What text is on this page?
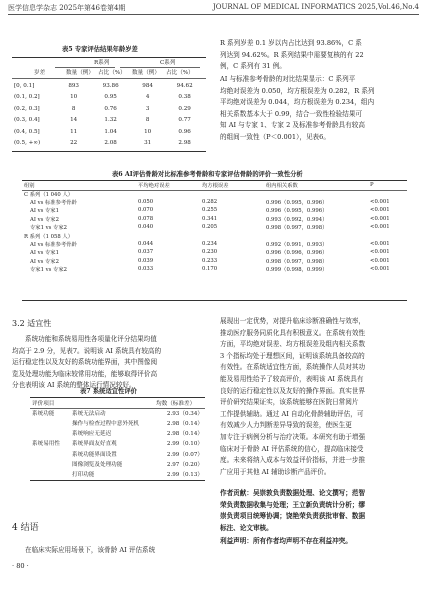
医学信息学杂志 2025年第46卷第4期	JOURNAL OF MEDICAL INFORMATICS 2025,Vol.46,No.4
表5 专家评估结果年龄岁差
岁差
R系列	C系列
数量（例） 占比（%） 数量（例） 占比（%）
[0, 0.1]	893	93.86	984	94.62
(0.1, 0.2]	10	0.95	4	0.38
(0.2, 0.3]	8	0.76	3	0.29
(0.3, 0.4]	14	1.32	8	0.77
(0.4, 0.5]	11	1.04	10	0.96
(0.5, +∞)	22	2.08	31	2.98
R 系列岁差 0.1 岁以内占比达到 93.86%，C 系
列达到 94.62%。R 系列结果中需要复核的有 22
例，C 系列有 31 例。
AI 与标准参考骨龄的对比结果显示：C 系列平
均绝对误差为 0.050，均方根误差为 0.282，R 系列
平均绝对误差为 0.044，均方根误差为 0.234，组内
相关系数基本大于 0.99，结合一致性检验结果可
知 AI 与专家 1、专家 2 及标准参考骨龄具有较高
的组间一致性（P＜0.001），见表6。
表6 AI评估骨龄对比标准参考骨龄和专家评估骨龄的评价一致性分析
组别	平均绝对误差	均方根误差	组内相关系数	P
C 系列（1 040 人）				
AI vs 标准参考骨龄	0.050	0.282	0.996（0.995，0.996）	<0.001
AI vs 专家1	0.070	0.255	0.996（0.995，0.996）	<0.001
AI vs 专家2	0.078	0.341	0.993（0.992，0.994）	<0.001
专家1 vs 专家2	0.040	0.205	0.998（0.997，0.998）	<0.001
R 系列（1 058 人）				
AI vs 标准参考骨龄	0.044	0.234	0.992（0.991，0.993）	<0.001
AI vs 专家1	0.037	0.230	0.996（0.996，0.996）	<0.001
AI vs 专家2	0.039	0.233	0.998（0.997，0.998）	<0.001
专家1 vs 专家2	0.033	0.170	0.999（0.998，0.999）	<0.001
3.2 适宜性
系统功能和系统易用性各项量化评分结果均值
均高于 2.9 分，见表7。说明该 AI 系统具有较高的
运行稳定性以及友好的系统功能界面，其中图像阅
览及处理功能为临床较常用功能，能够取得评价高
分也表明该 AI 系统的整体运行情况较好。
表7 系统适宜性评价
评价项目		均数（标准差）
系统功能	系统无法启动	2.93（0.34）
	操作与检查过程中意外死机	2.98（0.14）
	系统响应无延迟	2.98（0.14）
系统易用性	系统界面友好直观	2.99（0.10）
	系统功能界面设置	2.99（0.07）
	图像浏览及处理功能	2.97（0.20）
	打印功能	2.99（0.13）
4 结语
在临床实际应用场景下，该骨龄 AI 评估系统
· 80 ·
展现出一定优势，对提升临床诊断准确性与效率，
推动医疗服务同质化具有积极意义。在系统有效性
方面，平均绝对误差、均方根误差及组内相关系数
3 个指标均处于理想区间，证明该系统具备较高的
有效性。在系统适宜性方面，系统操作人员对其功
能及易用性给予了较高评价，表明该 AI 系统具有
良好的运行稳定性以及友好的操作界面。真实世界
评价研究结果证实，该系统能够在医院日常阅片
工作提供辅助。通过 AI 自动化骨龄辅助评估，可
有效减少人力判断差异导致的误差，使医生更
加专注于病例分析与治疗决策。本研究有助于增强
临床对于骨龄 AI 评估系统的信心，提高临床接受
度。未来将纳入成本与效益评价指标，并进一步推
广应用于其他 AI 辅助诊断产品评价。
作者贡献：吴崇敦负责数据处理、论文撰写；范智
荣负责数据收集与处理；王立新负责统计分析；缪
崇负责项目统筹协调；饶艳荣负责获批审督、数据
标注、论文审核。
利益声明：所有作者均声明不存在利益冲突。
